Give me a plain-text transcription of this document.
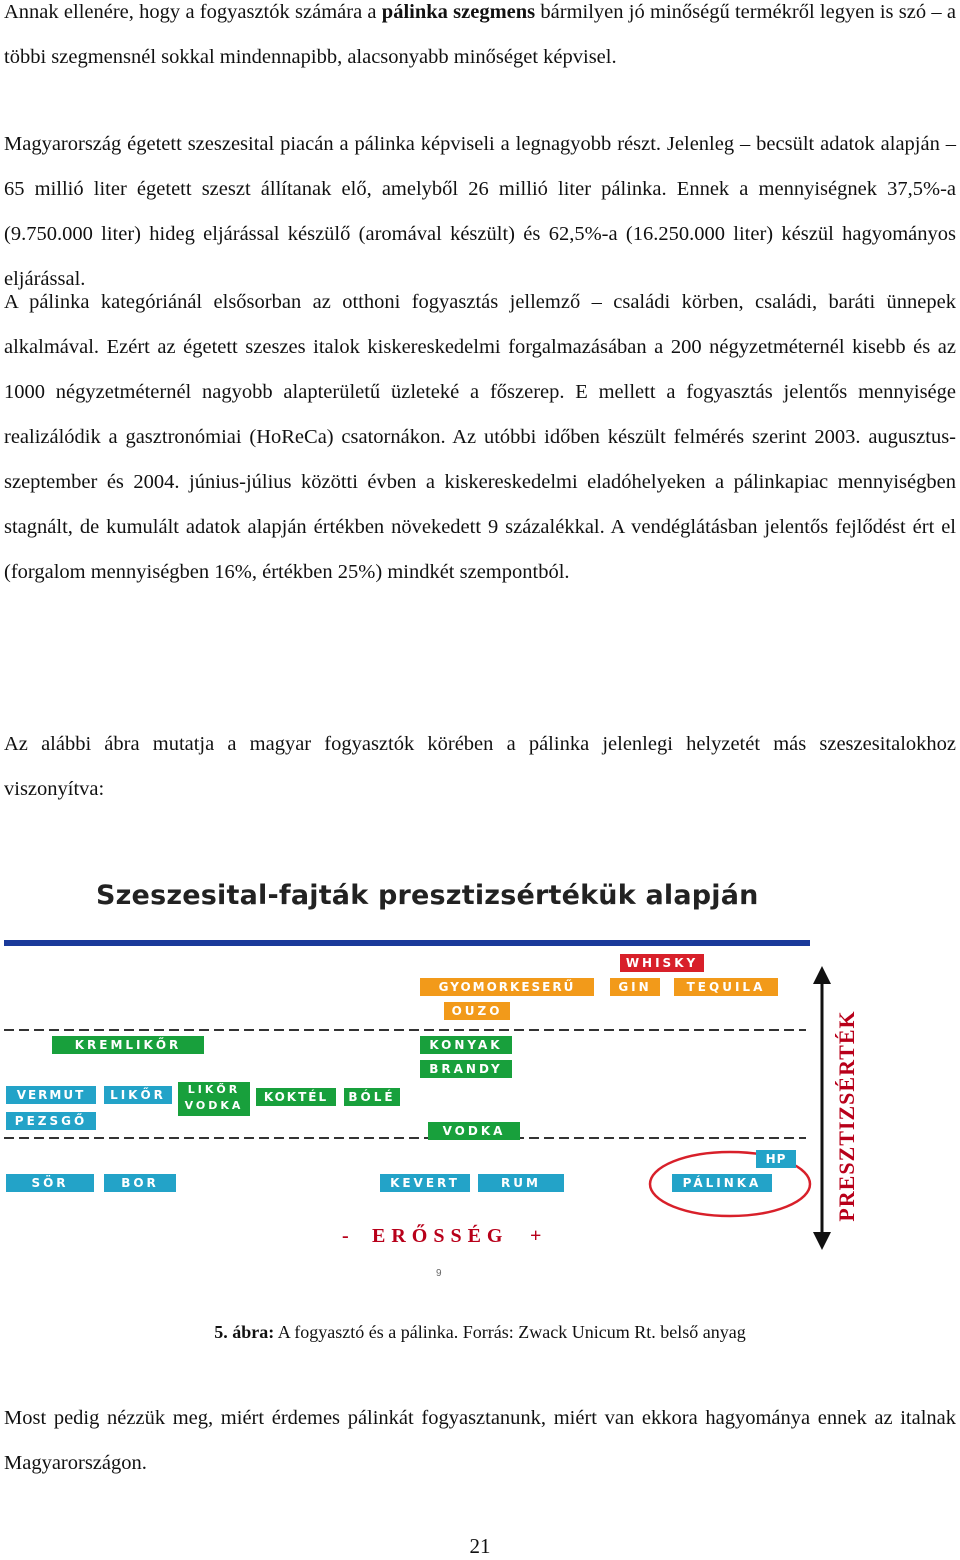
Annak ellenére, hogy a fogyasztók számára a pálinka szegmens bármilyen jó minőségű termékről legyen is szó – a többi szegmensnél sokkal mindennapibb, alacsonyabb minőséget képvisel.

Magyarország égetett szeszesital piacán a pálinka képviseli a legnagyobb részt. Jelenleg – becsült adatok alapján – 65 millió liter égetett szeszt állítanak elő, amelyből 26 millió liter pálinka. Ennek a mennyiségnek 37,5%-a (9.750.000 liter) hideg eljárással készülő (aromával készült) és 62,5%-a (16.250.000 liter) készül hagyományos eljárással.

A pálinka kategóriánál elsősorban az otthoni fogyasztás jellemző – családi körben, családi, baráti ünnepek alkalmával. Ezért az égetett szeszes italok kiskereskedelmi forgalmazásában a 200 négyzetméternél kisebb és az 1000 négyzetméternél nagyobb alapterületű üzleteké a főszerep. E mellett a fogyasztás jelentős mennyisége realizálódik a gasztronómiai (HoReCa) csatornákon. Az utóbbi időben készült felmérés szerint 2003. augusztus-szeptember és 2004. június-július közötti évben a kiskereskedelmi eladóhelyeken a pálinkapiac mennyiségben stagnált, de kumulált adatok alapján értékben növekedett 9 százalékkal. A vendéglátásban jelentős fejlődést ért el (forgalom mennyiségben 16%, értékben 25%) mindkét szempontból.

Az alábbi ábra mutatja a magyar fogyasztók körében a pálinka jelenlegi helyzetét más szeszesitalokhoz viszonyítva:

Szeszesital-fajták presztizsértékük alapján
PRESZTIZSÉRTÉK
- ERŐSSÉG +
9
WHISKY
GYOMORKESERŰ	GIN	TEQUILA
OUZO
KREMLIKŐR	KONYAK
BRANDY
VERMUT	LIKŐR	LIKŐR VODKA
KOKTÉL	BÓLÉ
PEZSGŐ
VODKA
HP
SÖR	BOR	KEVERT	RUM	PÁLINKA
5. ábra: A fogyasztó és a pálinka. Forrás: Zwack Unicum Rt. belső anyag

Most pedig nézzük meg, miért érdemes pálinkát fogyasztanunk, miért van ekkora hagyománya ennek az italnak Magyarországon.

21
